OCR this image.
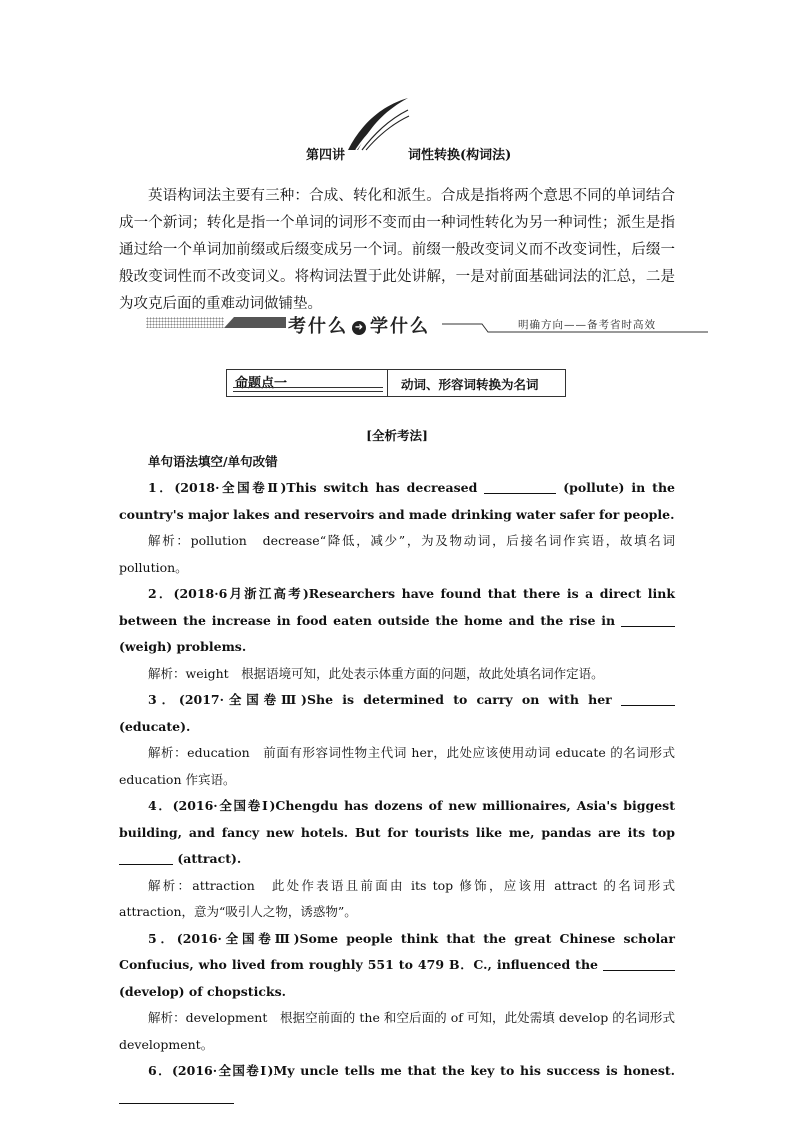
第四讲	词性转换(构词法)

英语构词法主要有三种：合成、转化和派生。合成是指将两个意思不同的单词结合成一个新词；转化是指一个单词的词形不变而由一种词性转化为另一种词性；派生是指通过给一个单词加前缀或后缀变成另一个词。前缀一般改变词义而不改变词性，后缀一般改变词性而不改变词义。将构词法置于此处讲解，一是对前面基础词法的汇总，二是为攻克后面的重难动词做铺垫。

考什么 ➜ 学什么	明确方向——备考省时高效
命题点一	动词、形容词转换为名词
[全析考法]
单句语法填空/单句改错

1．(2018·全国卷Ⅱ)This switch has decreased	(pollute) in the country's major lakes and reservoirs and made drinking water safer for people.

解析：pollution　decrease“降低，减少”，为及物动词，后接名词作宾语，故填名词 pollution。

2．(2018·6月浙江高考)Researchers have found that there is a direct link between the increase in food eaten outside the home and the rise in (weigh) problems.

解析：weight　根据语境可知，此处表示体重方面的问题，故此处填名词作定语。

3．(2017·全国卷Ⅲ)She is determined to carry on with her  (educate).

解析：education　前面有形容词性物主代词 her，此处应该使用动词 educate 的名词形式 education 作宾语。

4．(2016·全国卷Ⅰ)Chengdu has dozens of new millionaires, Asia's biggest building, and fancy new hotels. But for tourists like me, pandas are its top  (attract).

解析：attraction　此处作表语且前面由 its top 修饰，应该用 attract 的名词形式 attraction，意为“吸引人之物，诱惑物”。

5．(2016·全国卷Ⅲ)Some people think that the great Chinese scholar Confucius, who lived from roughly 551 to 479 B．C., influenced the  (develop) of chopsticks.

解析：development　根据空前面的 the 和空后面的 of 可知，此处需填 develop 的名词形式 development。

6．(2016·全国卷Ⅰ)My uncle tells me that the key to his success is honest.
